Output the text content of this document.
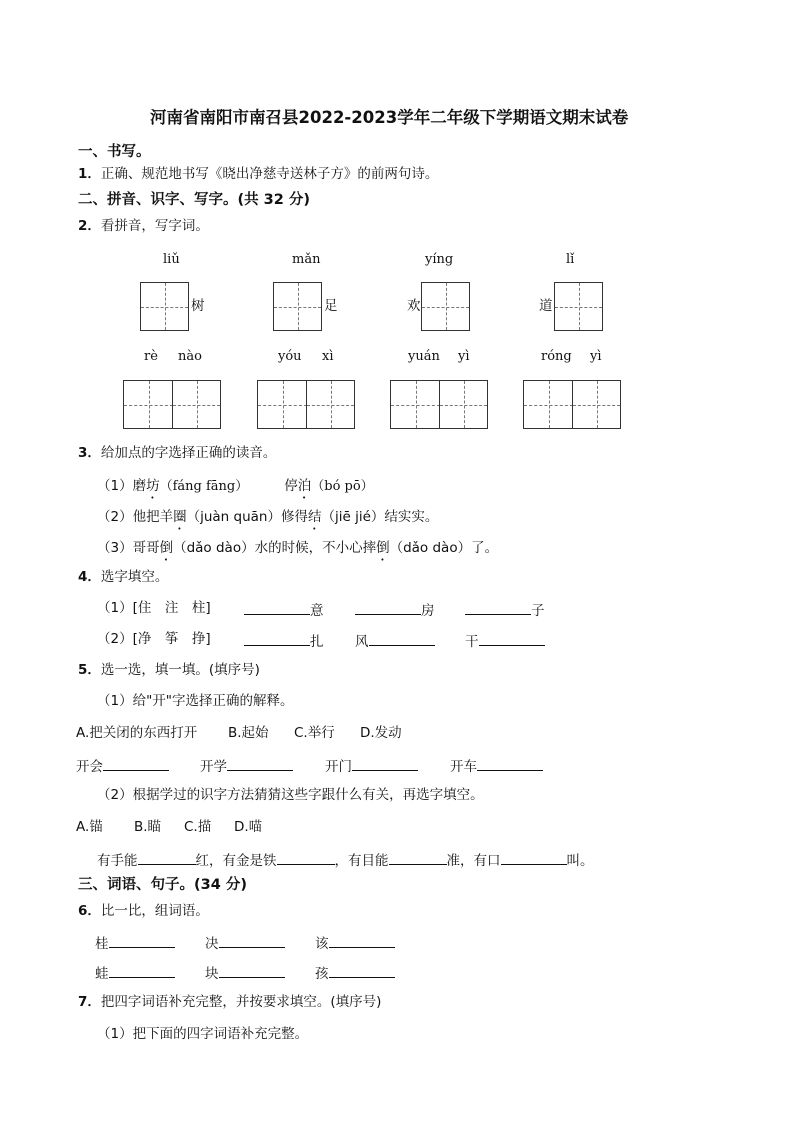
河南省南阳市南召县2022-2023学年二年级下学期语文期末试卷
一、书写。
1．正确、规范地书写《晓出净慈寺送林子方》的前两句诗。
二、拼音、识字、写字。(共 32 分)
2．看拼音，写字词。
liǔ	mǎn	yíng	lǐ
树	足	欢	道
rè nào	yóu xì	yuán yì	róng yì
3．给加点的字选择正确的读音。
（1）磨坊（fáng fāng）	停泊（bó pō）
（2）他把羊圈（juàn quān）修得结（jiē jié）结实实。
（3）哥哥倒（dǎo dào）水的时候，不小心摔倒（dǎo dào）了。
4．选字填空。
（1）[住　注　柱]	意	房	子
（2）[净　筝　挣]	扎 风	干
5．选一选，填一填。(填序号)
（1）给"开"字选择正确的解释。
A.把关闭的东西打开 B.起始 C.举行 D.发动
开会	开学	开门	开车
（2）根据学过的识字方法猜猜这些字跟什么有关，再选字填空。
A.锚 B.瞄 C.描 D.喵
有手能	红，有金是铁	，有目能	准，有口	叫。
三、词语、句子。(34 分)
6．比一比，组词语。
桂	决	该
蛙	块	孩
7．把四字词语补充完整，并按要求填空。(填序号)
（1）把下面的四字词语补充完整。
